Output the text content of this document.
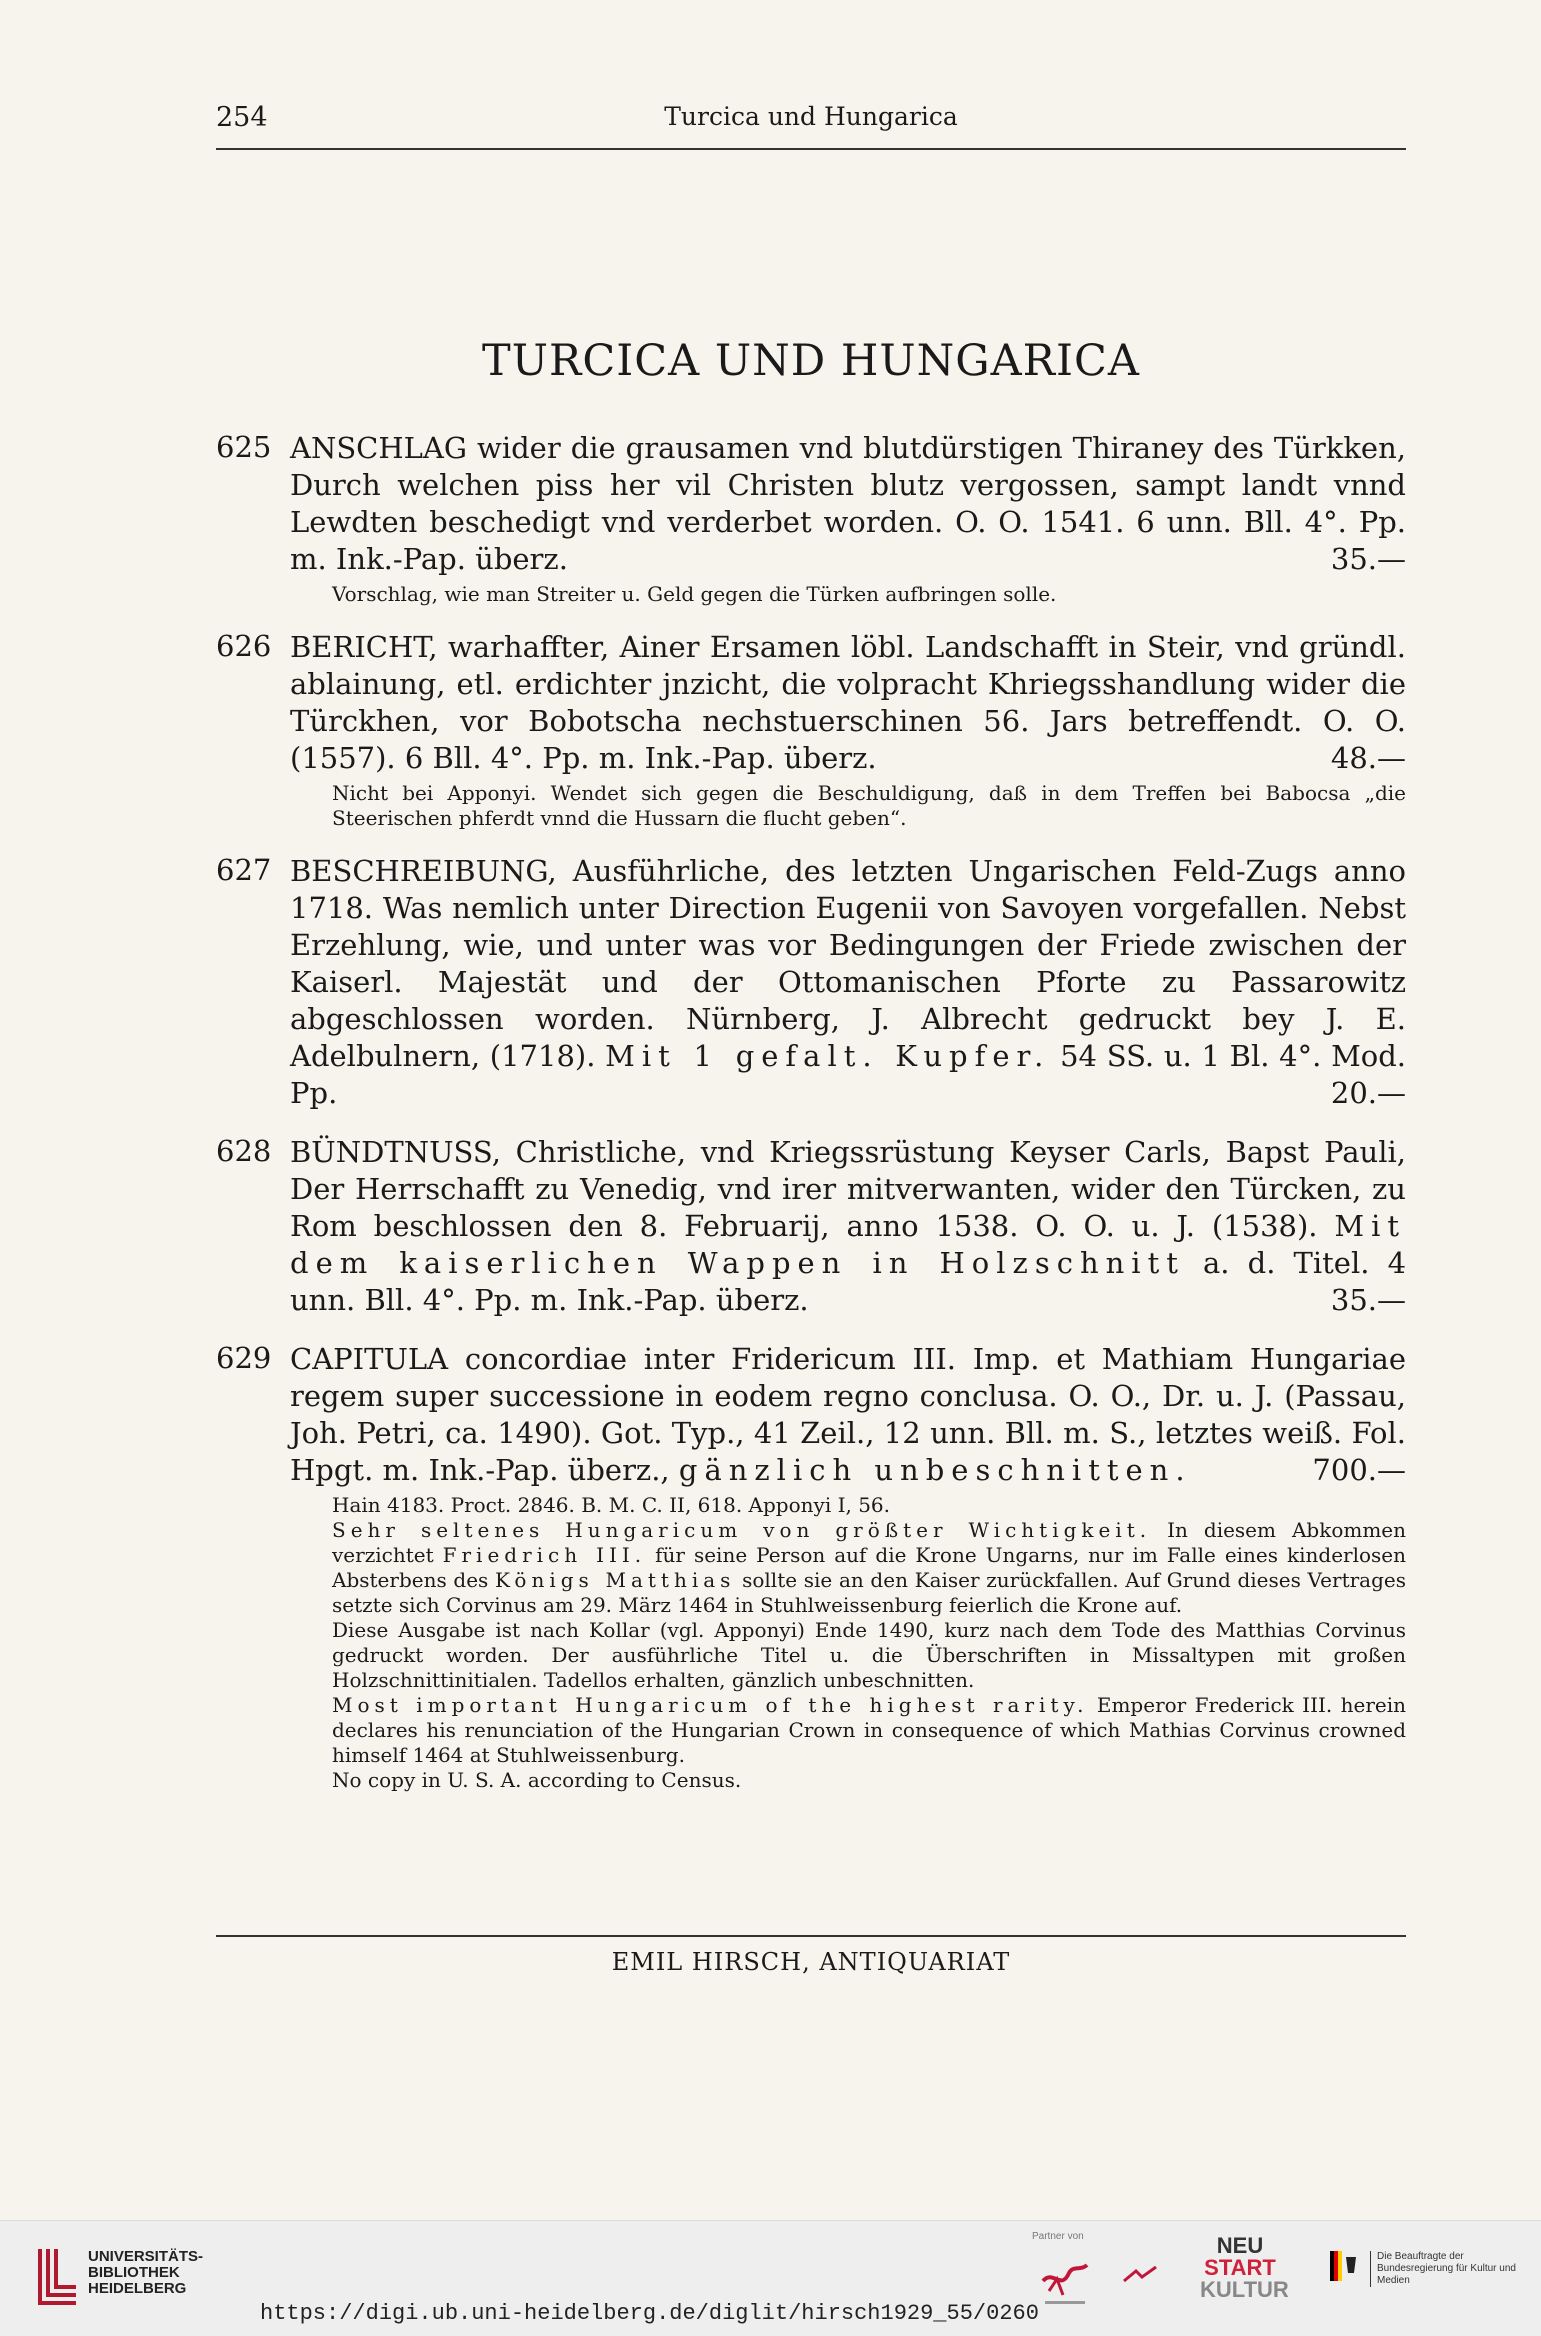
254	Turcica und Hungarica
TURCICA UND HUNGARICA
625 ANSCHLAG wider die grausamen vnd blutdürstigen Thiraney des Türkken, Durch welchen piss her vil Christen blutz vergossen, sampt landt vnnd Lewdten beschedigt vnd verderbet worden. O. O. 1541. 6 unn. Bll. 4°. Pp. m. Ink.-Pap. überz.	35.—
Vorschlag, wie man Streiter u. Geld gegen die Türken aufbringen solle.
626 BERICHT, warhaffter, Ainer Ersamen löbl. Landschafft in Steir, vnd gründl. ablainung, etl. erdichter jnzicht, die volpracht Khriegsshandlung wider die Türckhen, vor Bobotscha nechstuerschinen 56. Jars betreffendt. O. O. (1557). 6 Bll. 4°. Pp. m. Ink.-Pap. überz.	48.—
Nicht bei Apponyi. Wendet sich gegen die Beschuldigung, daß in dem Treffen bei Babocsa „die Steerischen phferdt vnnd die Hussarn die flucht geben“.
627 BESCHREIBUNG, Ausführliche, des letzten Ungarischen Feld-Zugs anno 1718. Was nemlich unter Direction Eugenii von Savoyen vorgefallen. Nebst Erzehlung, wie, und unter was vor Bedingungen der Friede zwischen der Kaiserl. Majestät und der Ottomanischen Pforte zu Passarowitz abgeschlossen worden. Nürnberg, J. Albrecht gedruckt bey J. E. Adelbulnern, (1718). Mit 1 gefalt. Kupfer. 54 SS. u. 1 Bl. 4°. Mod. Pp.	20.—
628 BÜNDTNUSS, Christliche, vnd Kriegssrüstung Keyser Carls, Bapst Pauli, Der Herrschafft zu Venedig, vnd irer mitverwanten, wider den Türcken, zu Rom beschlossen den 8. Februarij, anno 1538. O. O. u. J. (1538). Mit dem kaiserlichen Wappen in Holzschnitt a. d. Titel. 4 unn. Bll. 4°. Pp. m. Ink.-Pap. überz.	35.—
629 CAPITULA concordiae inter Fridericum III. Imp. et Mathiam Hungariae regem super successione in eodem regno conclusa. O. O., Dr. u. J. (Passau, Joh. Petri, ca. 1490). Got. Typ., 41 Zeil., 12 unn. Bll. m. S., letztes weiß. Fol. Hpgt. m. Ink.-Pap. überz., gänzlich unbeschnitten.	700.—
Hain 4183. Proct. 2846. B. M. C. II, 618. Apponyi I, 56.
Sehr seltenes Hungaricum von größter Wichtigkeit. In diesem Abkommen verzichtet Friedrich III. für seine Person auf die Krone Ungarns, nur im Falle eines kinderlosen Absterbens des Königs Matthias sollte sie an den Kaiser zurückfallen. Auf Grund dieses Vertrages setzte sich Corvinus am 29. März 1464 in Stuhlweissenburg feierlich die Krone auf.
Diese Ausgabe ist nach Kollar (vgl. Apponyi) Ende 1490, kurz nach dem Tode des Matthias Corvinus gedruckt worden. Der ausführliche Titel u. die Überschriften in Missaltypen mit großen Holzschnittinitialen. Tadellos erhalten, gänzlich unbeschnitten.
Most important Hungaricum of the highest rarity. Emperor Frederick III. herein declares his renunciation of the Hungarian Crown in consequence of which Mathias Corvinus crowned himself 1464 at Stuhlweissenburg.
No copy in U. S. A. according to Census.
EMIL HIRSCH, ANTIQUARIAT
UNIVERSITÄTS-
BIBLIOTHEK
HEIDELBERG
https://digi.ub.uni-heidelberg.de/diglit/hirsch1929_55/0260
Partner von	NEU
START
KULTUR
Die Beauftragte der Bundesregierung für Kultur und Medien
